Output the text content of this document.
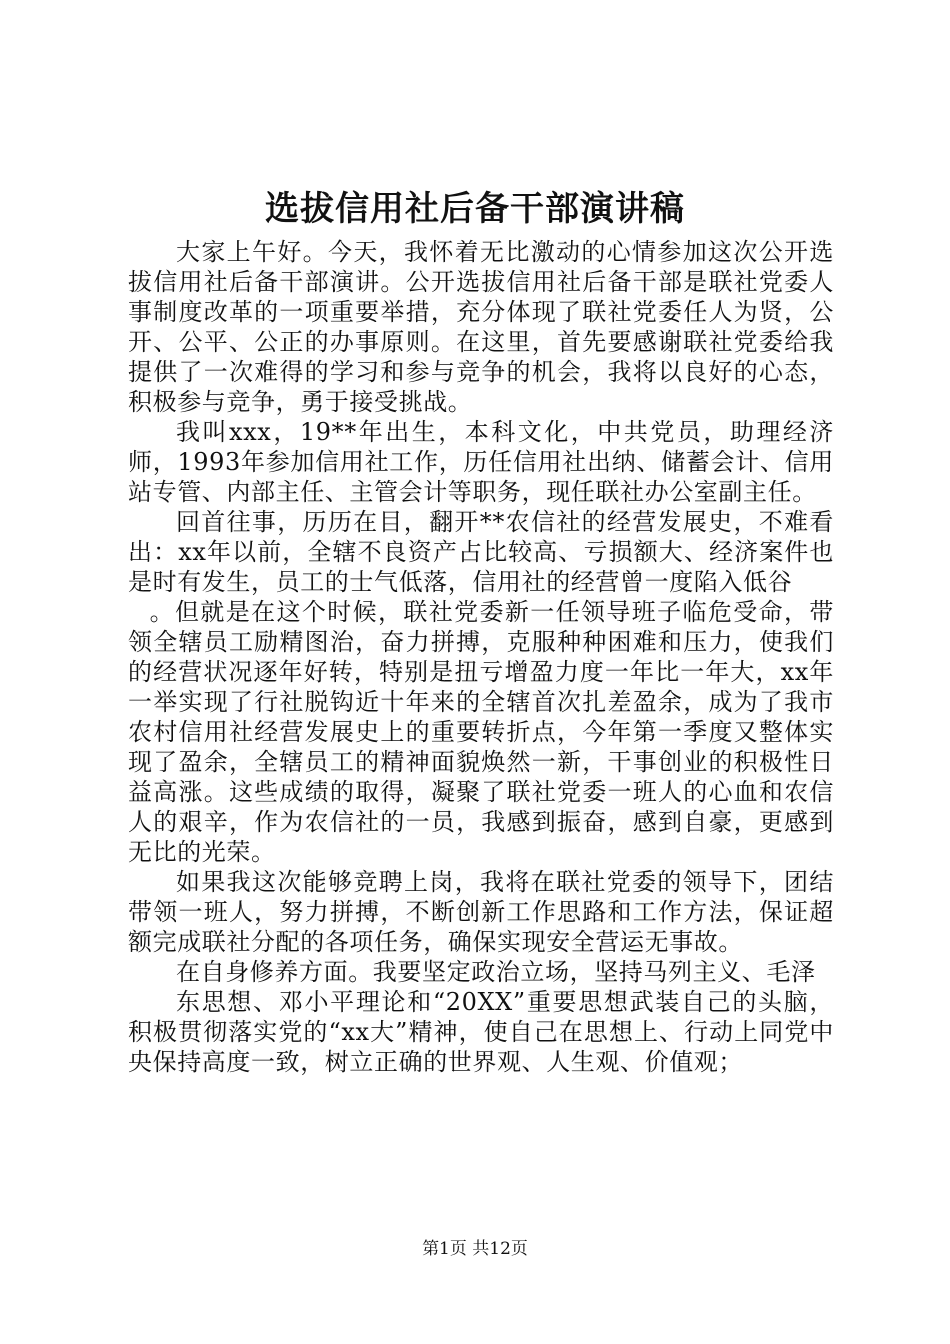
选拔信用社后备干部演讲稿

大家上午好。今天，我怀着无比激动的心情参加这次公开选拔信用社后备干部演讲。公开选拔信用社后备干部是联社党委人事制度改革的一项重要举措，充分体现了联社党委任人为贤，公开、公平、公正的办事原则。在这里，首先要感谢联社党委给我提供了一次难得的学习和参与竞争的机会，我将以良好的心态，积极参与竞争，勇于接受挑战。

我叫xxx，19**年出生，本科文化，中共党员，助理经济师，1993年参加信用社工作，历任信用社出纳、储蓄会计、信用站专管、内部主任、主管会计等职务，现任联社办公室副主任。

回首往事，历历在目，翻开**农信社的经营发展史，不难看出：xx年以前，全辖不良资产占比较高、亏损额大、经济案件也是时有发生，员工的士气低落，信用社的经营曾一度陷入低谷

。但就是在这个时候，联社党委新一任领导班子临危受命，带领全辖员工励精图治，奋力拼搏，克服种种困难和压力，使我们的经营状况逐年好转，特别是扭亏增盈力度一年比一年大，xx年一举实现了行社脱钩近十年来的全辖首次扎差盈余，成为了我市农村信用社经营发展史上的重要转折点，今年第一季度又整体实现了盈余，全辖员工的精神面貌焕然一新，干事创业的积极性日益高涨。这些成绩的取得，凝聚了联社党委一班人的心血和农信人的艰辛，作为农信社的一员，我感到振奋，感到自豪，更感到无比的光荣。

如果我这次能够竞聘上岗，我将在联社党委的领导下，团结带领一班人，努力拼搏，不断创新工作思路和工作方法，保证超额完成联社分配的各项任务，确保实现安全营运无事故。

在自身修养方面。我要坚定政治立场，坚持马列主义、毛泽

东思想、邓小平理论和“20XX”重要思想武装自己的头脑，积极贯彻落实党的“xx大”精神，使自己在思想上、行动上同党中央保持高度一致，树立正确的世界观、人生观、价值观；

第1页 共12页
